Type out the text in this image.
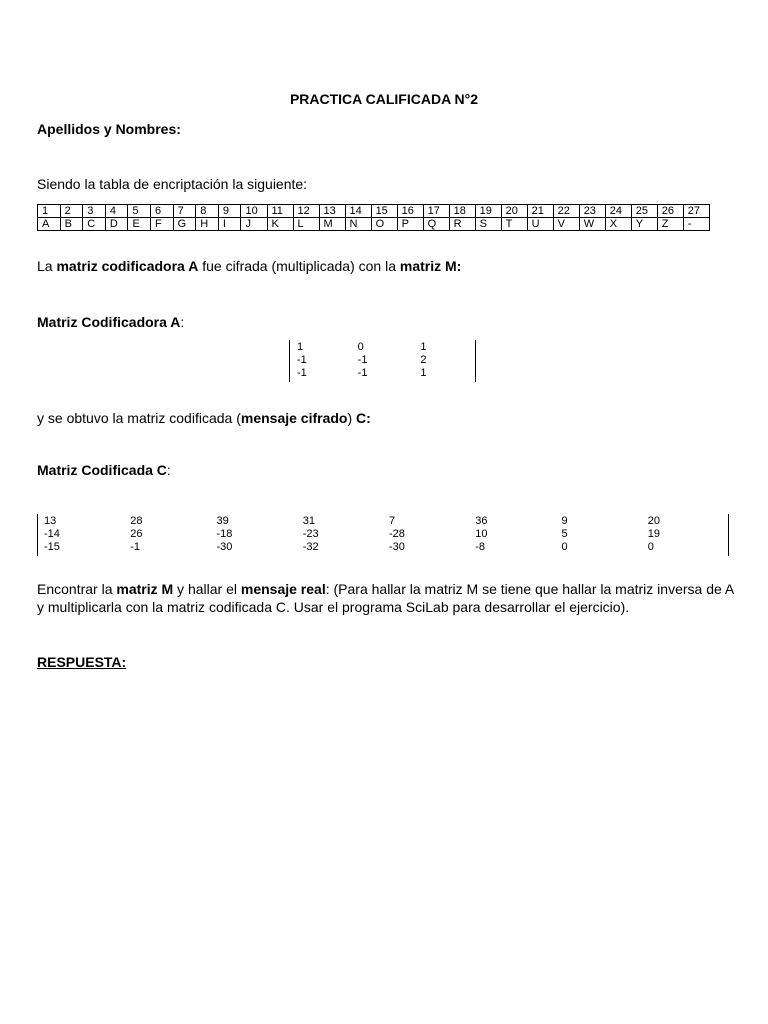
PRACTICA CALIFICADA N°2
Apellidos y Nombres:
Siendo la tabla de encriptación la siguiente:
1	2	3	4	5	6	7	8	9	10	11	12	13	14	15	16	17	18	19	20	21	22	23	24	25	26	27
A	B	C	D	E	F	G	H	I	J	K	L	M	N	O	P	Q	R	S	T	U	V	W	X	Y	Z	-
La matriz codificadora A fue cifrada (multiplicada) con la matriz M:
Matriz Codificadora A:
1	0	1
-1	-1	2
-1	-1	1
y se obtuvo la matriz codificada (mensaje cifrado) C:
Matriz Codificada C:
13	28	39	31	7	36	9	20
-14	26	-18	-23	-28	10	5	19
-15	-1	-30	-32	-30	-8	0	0
Encontrar la matriz M y hallar el mensaje real: (Para hallar la matriz M se tiene que hallar la matriz inversa de A y multiplicarla con la matriz codificada C. Usar el programa SciLab para desarrollar el ejercicio).
RESPUESTA:
